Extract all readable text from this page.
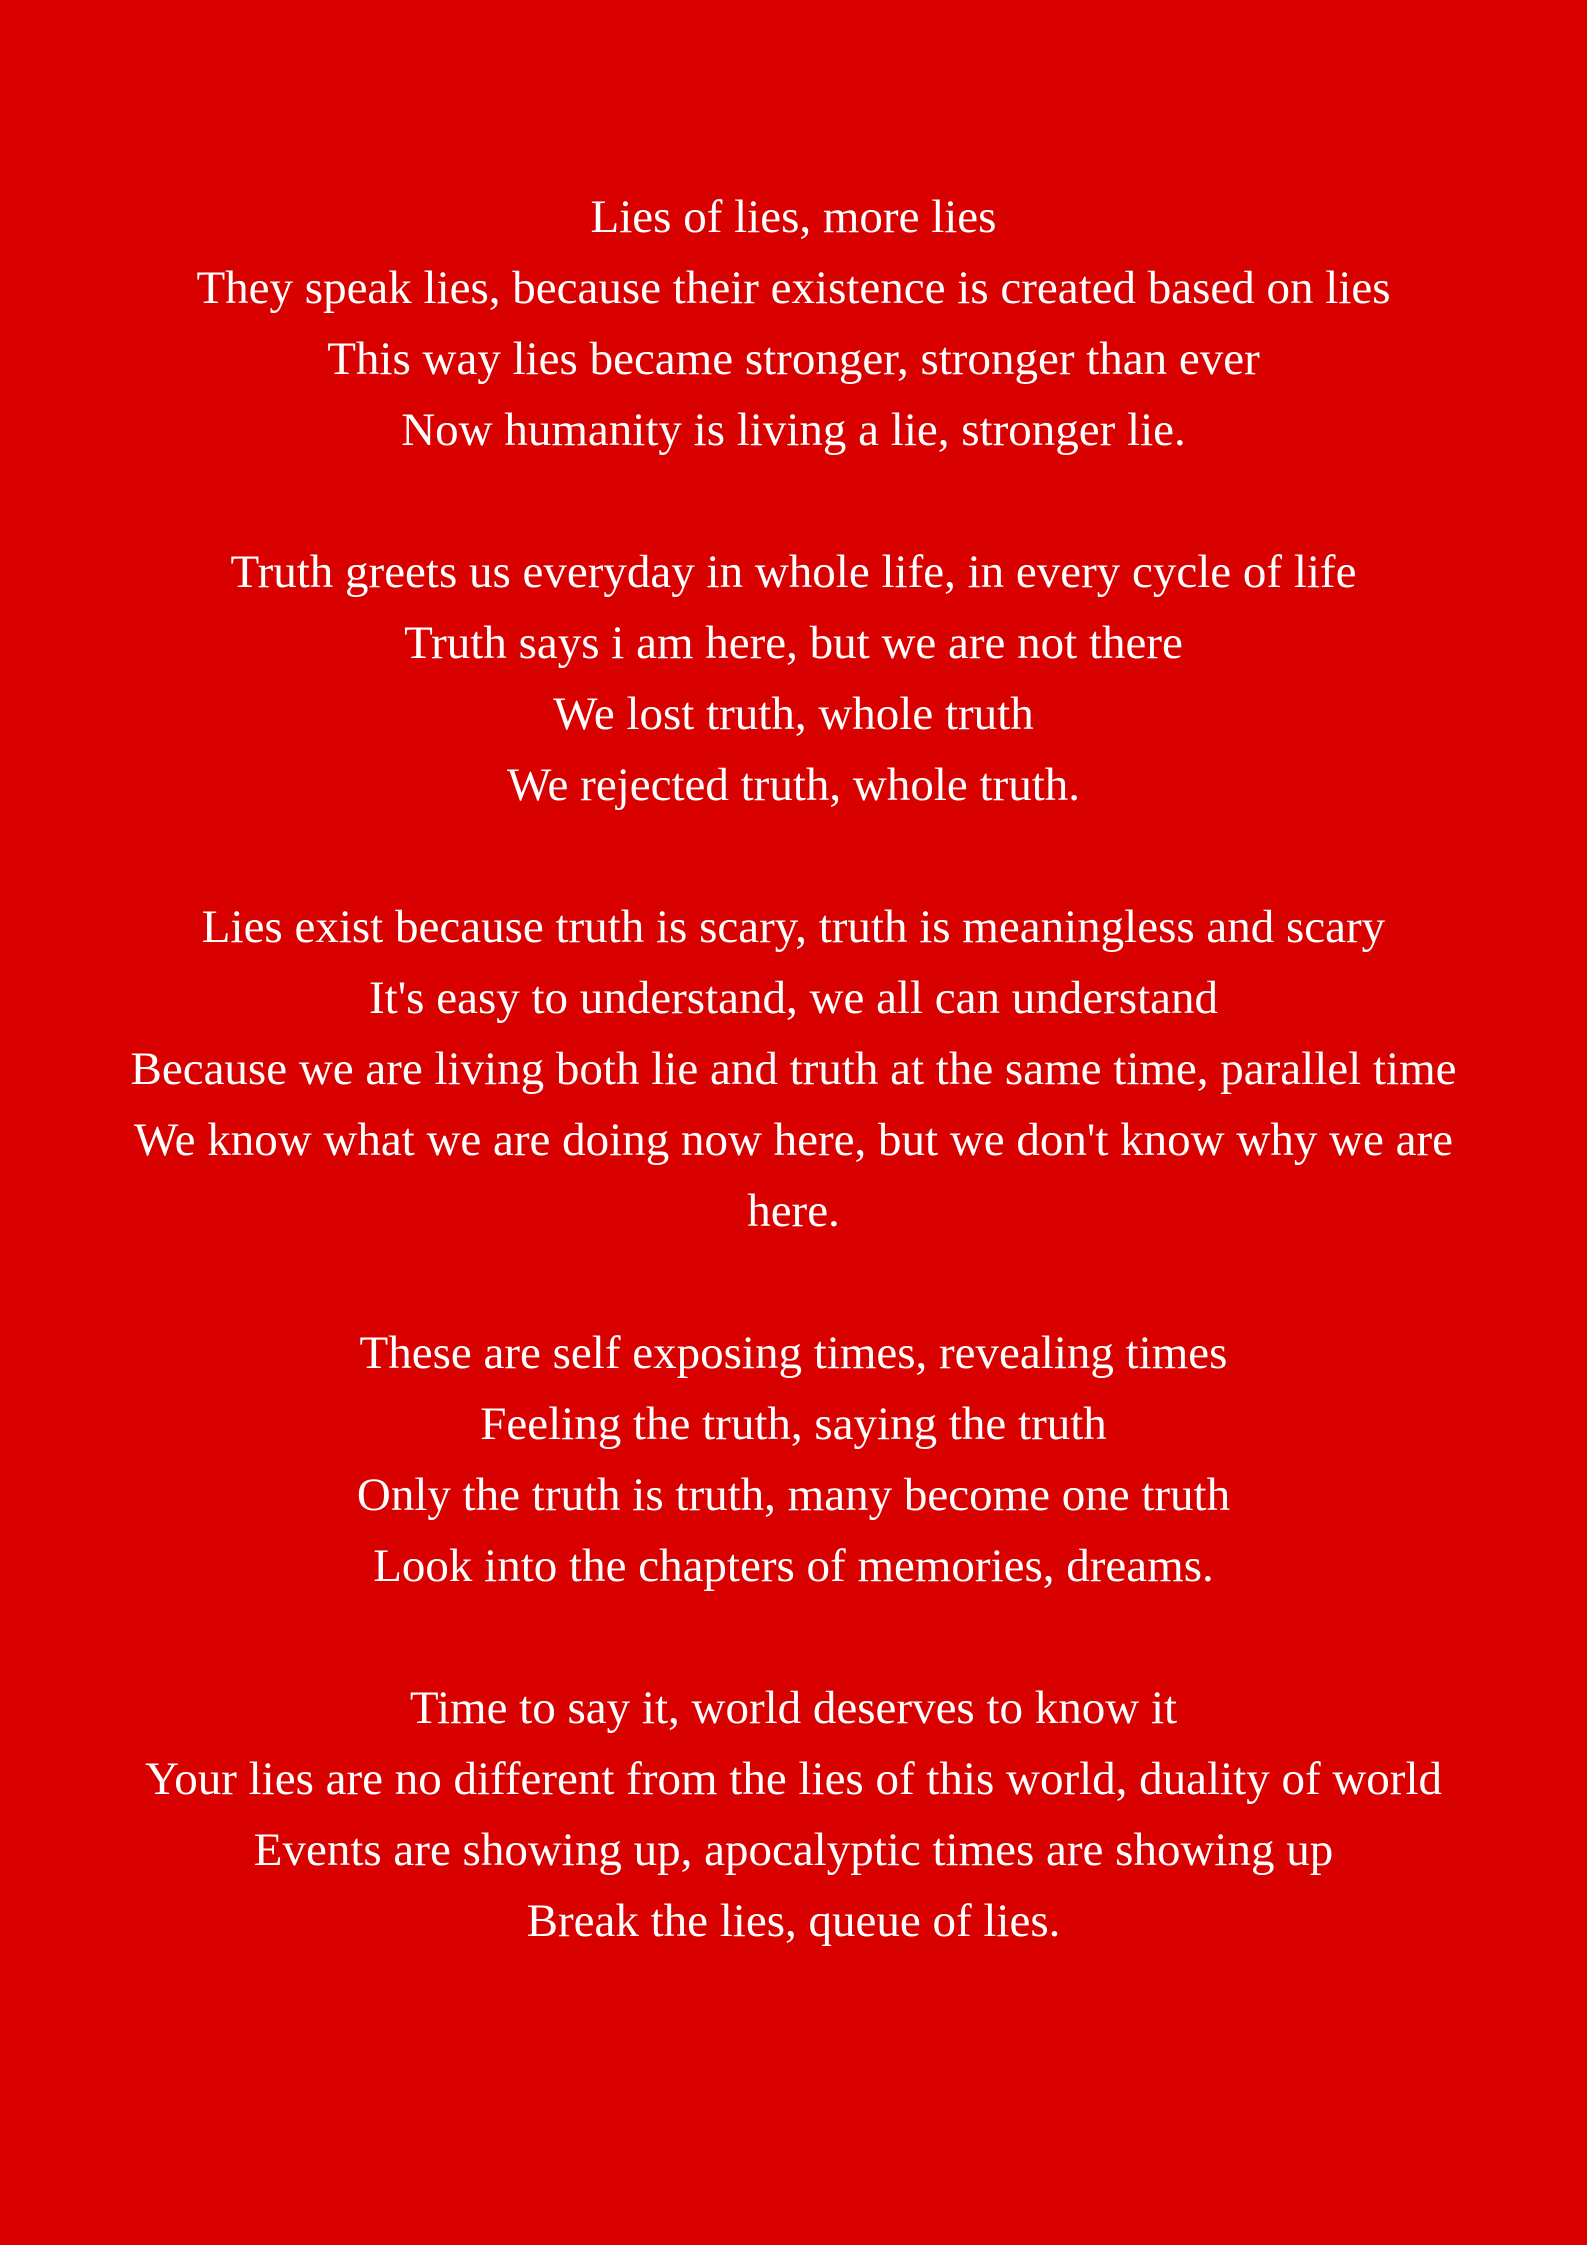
Lies of lies, more lies

They speak lies, because their existence is created based on lies

This way lies became stronger, stronger than ever

Now humanity is living a lie, stronger lie.

Truth greets us everyday in whole life, in every cycle of life

Truth says i am here, but we are not there

We lost truth, whole truth

We rejected truth, whole truth.

Lies exist because truth is scary, truth is meaningless and scary

It's easy to understand, we all can understand

Because we are living both lie and truth at the same time, parallel time

We know what we are doing now here, but we don't know why we are here.

These are self exposing times, revealing times

Feeling the truth, saying the truth

Only the truth is truth, many become one truth

Look into the chapters of memories, dreams.

Time to say it, world deserves to know it

Your lies are no different from the lies of this world, duality of world

Events are showing up, apocalyptic times are showing up

Break the lies, queue of lies.
